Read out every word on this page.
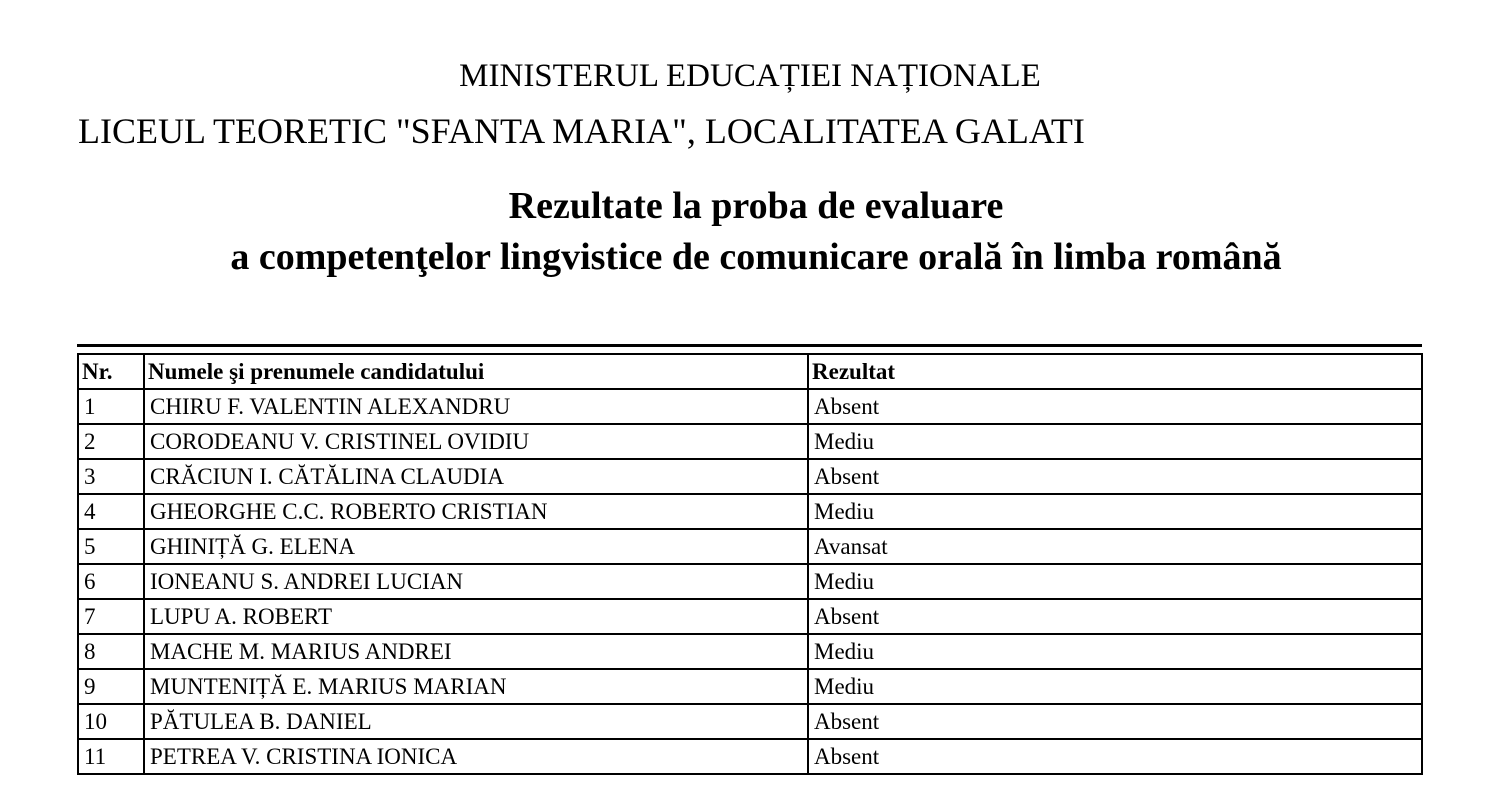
MINISTERUL EDUCAȚIEI NAȚIONALE
LICEUL TEORETIC "SFANTA MARIA", LOCALITATEA GALATI
Rezultate la proba de evaluare
a competenţelor lingvistice de comunicare orală în limba română
Nr.	Numele şi prenumele candidatului	Rezultat
1	CHIRU F. VALENTIN ALEXANDRU	Absent
2	CORODEANU V. CRISTINEL OVIDIU	Mediu
3	CRĂCIUN I. CĂTĂLINA CLAUDIA	Absent
4	GHEORGHE C.C. ROBERTO CRISTIAN	Mediu
5	GHINIȚĂ G. ELENA	Avansat
6	IONEANU S. ANDREI LUCIAN	Mediu
7	LUPU A. ROBERT	Absent
8	MACHE M. MARIUS ANDREI	Mediu
9	MUNTENIȚĂ E. MARIUS MARIAN	Mediu
10	PĂTULEA B. DANIEL	Absent
11	PETREA V. CRISTINA IONICA	Absent
